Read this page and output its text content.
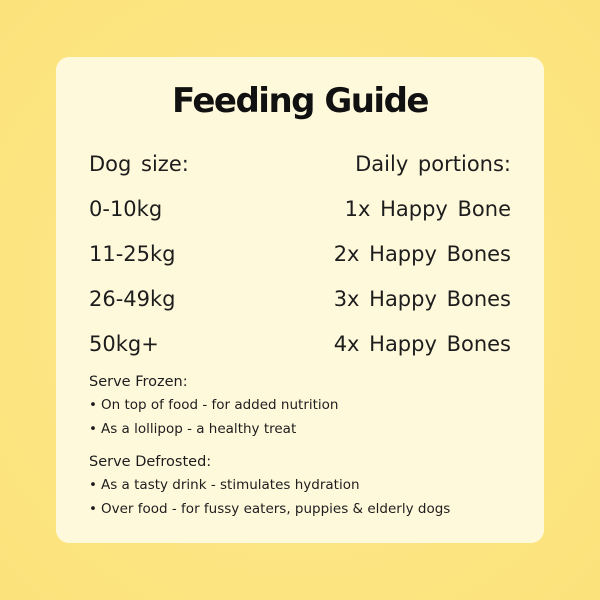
Feeding Guide
Dog size:	Daily portions:
0-10kg	1x Happy Bone
11-25kg	2x Happy Bones
26-49kg	3x Happy Bones
50kg+	4x Happy Bones

Serve Frozen:

• On top of food - for added nutrition
• As a lollipop - a healthy treat

Serve Defrosted:

• As a tasty drink - stimulates hydration
• Over food - for fussy eaters, puppies & elderly dogs
